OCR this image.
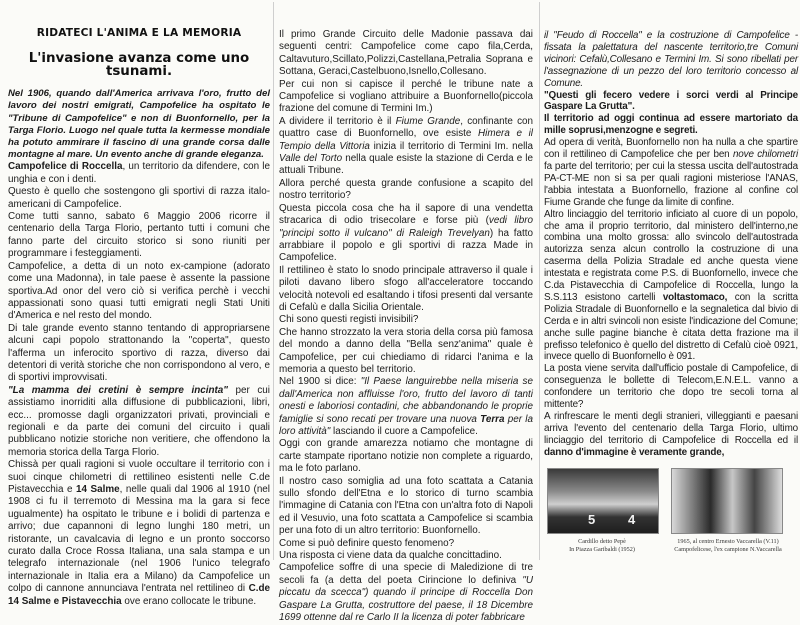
RIDATECI L'ANIMA E LA MEMORIA
L'invasione avanza come uno tsunami.

Nel 1906, quando dall'America arrivava l'oro, frutto del lavoro dei nostri emigrati, Campofelice ha ospitato le "Tribune di Campofelice" e non di Buonfornello, per la Targa Florio. Luogo nel quale tutta la kermesse mondiale ha potuto ammirare il fascino di una grande corsa dalle montagne al mare. Un evento anche di grande eleganza.

Campofelice di Roccella, un territorio da difendere, con le unghia e con i denti.

Questo è quello che sostengono gli sportivi di razza italo-americani di Campofelice.

Come tutti sanno, sabato 6 Maggio 2006 ricorre il centenario della Targa Florio, pertanto tutti i comuni che fanno parte del circuito storico si sono riuniti per programmare i festeggiamenti.

Campofelice, a detta di un noto ex-campione (adorato come una Madonna), in tale paese è assente la passione sportiva.Ad onor del vero ciò si verifica perchè i vecchi appassionati sono quasi tutti emigrati negli Stati Uniti d'America e nel resto del mondo.

Di tale grande evento stanno tentando di appropriarsene alcuni capi popolo strattonando la "coperta", questo l'afferma un inferocito sportivo di razza, diverso dai detentori di verità storiche che non corrispondono al vero, e di sportivi improvvisati.

"La mamma dei cretini è sempre incinta" per cui assistiamo inorriditi alla diffusione di pubblicazioni, libri, ecc... promosse dagli organizzatori privati, provinciali e regionali e da parte dei comuni del circuito i quali pubblicano notizie storiche non veritiere, che offendono la memoria storica della Targa Florio.

Chissà per quali ragioni si vuole occultare il territorio con i suoi cinque chilometri di rettilineo esistenti nelle C.de Pistavecchia e 14 Salme, nelle quali dal 1906 al 1910 (nel 1908 ci fu il terremoto di Messina ma la gara si fece ugualmente) ha ospitato le tribune e i bolidi di partenza e arrivo; due capannoni di legno lunghi 180 metri, un ristorante, un cavalcavia di legno e un pronto soccorso curato dalla Croce Rossa Italiana, una sala stampa e un telegrafo internazionale (nel 1906 l'unico telegrafo internazionale in Italia era a Milano) da Campofelice un colpo di cannone annunciava l'entrata nel rettilineo di C.de 14 Salme e Pistavecchia ove erano collocate le tribune.

Il primo Grande Circuito delle Madonie passava dai seguenti centri: Campofelice come capo fila,Cerda, Caltavuturo,Scillato,Polizzi,Castellana,Petralia Soprana e Sottana, Geraci,Castelbuono,Isnello,Collesano.

Per cui non si capisce il perché le tribune nate a Campofelice si vogliano attribuire a Buonfornello(piccola frazione del comune di Termini Im.)

A dividere il territorio è il Fiume Grande, confinante con quattro case di Buonfornello, ove esiste Himera e il Tempio della Vittoria inizia il territorio di Termini Im. nella Valle del Torto nella quale esiste la stazione di Cerda e le attuali Tribune.

Allora perché questa grande confusione a scapito del nostro territorio?

Questa piccola cosa che ha il sapore di una vendetta stracarica di odio trisecolare e forse più (vedi libro "principi sotto il vulcano" di Raleigh Trevelyan) ha fatto arrabbiare il popolo e gli sportivi di razza Made in Campofelice.

Il rettilineo è stato lo snodo principale attraverso il quale i piloti davano libero sfogo all'acceleratore toccando velocità notevoli ed esaltando i tifosi presenti dal versante di Cefalù e dalla Sicilia Orientale.

Chi sono questi registi invisibili?

Che hanno strozzato la vera storia della corsa più famosa del mondo a danno della "Bella senz'anima" quale è Campofelice, per cui chiediamo di ridarci l'anima e la memoria a questo bel territorio.

Nel 1900 si dice: "Il Paese languirebbe nella miseria se dall'America non affluisse l'oro, frutto del lavoro di tanti onesti e laboriosi contadini, che abbandonando le proprie famiglie si sono recati per trovare una nuova Terra per la loro attività" lasciando il cuore a Campofelice.

Oggi con grande amarezza notiamo che montagne di carte stampate riportano notizie non complete a riguardo, ma le foto parlano.

Il nostro caso somiglia ad una foto scattata a Catania sullo sfondo dell'Etna e lo storico di turno scambia l'immagine di Catania con l'Etna con un'altra foto di Napoli ed il Vesuvio, una foto scattata a Campofelice si scambia per una foto di un altro territorio: Buonfornello.

Come si può definire questo fenomeno?

Una risposta ci viene data da qualche concittadino.

Campofelice soffre di una specie di Maledizione di tre secoli fa (a detta del poeta Cirincione lo definiva "U piccatu da scecca") quando il principe di Roccella Don Gaspare La Grutta, costruttore del paese, il 18 Dicembre 1699 ottenne dal re Carlo II la licenza di poter fabbricare

il "Feudo di Roccella" e la costruzione di Campofelice - fissata la palettatura del nascente territorio,tre Comuni vicinori: Cefalù,Collesano e Termini Im. Si sono ribellati per l'assegnazione di un pezzo del loro territorio concesso al Comune.

"Questi gli fecero vedere i sorci verdi al Principe Gaspare La Grutta".

Il territorio ad oggi continua ad essere martoriato da mille soprusi,menzogne e segreti.

Ad opera di verità, Buonfornello non ha nulla a che spartire con il rettilineo di Campofelice che per ben nove chilometri fa parte del territorio; per cui la stessa uscita dell'autostrada PA-CT-ME non si sa per quali ragioni misteriose l'ANAS, l'abbia intestata a Buonfornello, frazione al confine col Fiume Grande che funge da limite di confine.

Altro linciaggio del territorio inficiato al cuore di un popolo, che ama il proprio territorio, dal ministero dell'interno,ne combina una molto grossa: allo svincolo dell'autostrada autorizza senza alcun controllo la costruzione di una caserma della Polizia Stradale ed anche questa viene intestata e registrata come P.S. di Buonfornello, invece che C.da Pistavecchia di Campofelice di Roccella, lungo la S.S.113 esistono cartelli voltastomaco, con la scritta Polizia Stradale di Buonfornello e la segnaletica dal bivio di Cerda e in altri svincoli non esiste l'indicazione del Comune; anche sulle pagine bianche è citata detta frazione ma il prefisso telefonico è quello del distretto di Cefalù cioè 0921, invece quello di Buonfornello è 091.

La posta viene servita dall'ufficio postale di Campofelice, di conseguenza le bollette di Telecom,E.N.E.L. vanno a confondere un territorio che dopo tre secoli torna al mittente?

A rinfrescare le menti degli stranieri, villeggianti e paesani arriva l'evento del centenario della Targa Florio, ultimo linciaggio del territorio di Campofelice di Roccella ed il danno d'immagine è veramente grande,

5	4
Cardillo detto Pepè
In Piazza Garibaldi (1952)
1965, al centro Ernesto Vaccarella (V.11)
Campofelicese, l'ex campione N.Vaccarella
